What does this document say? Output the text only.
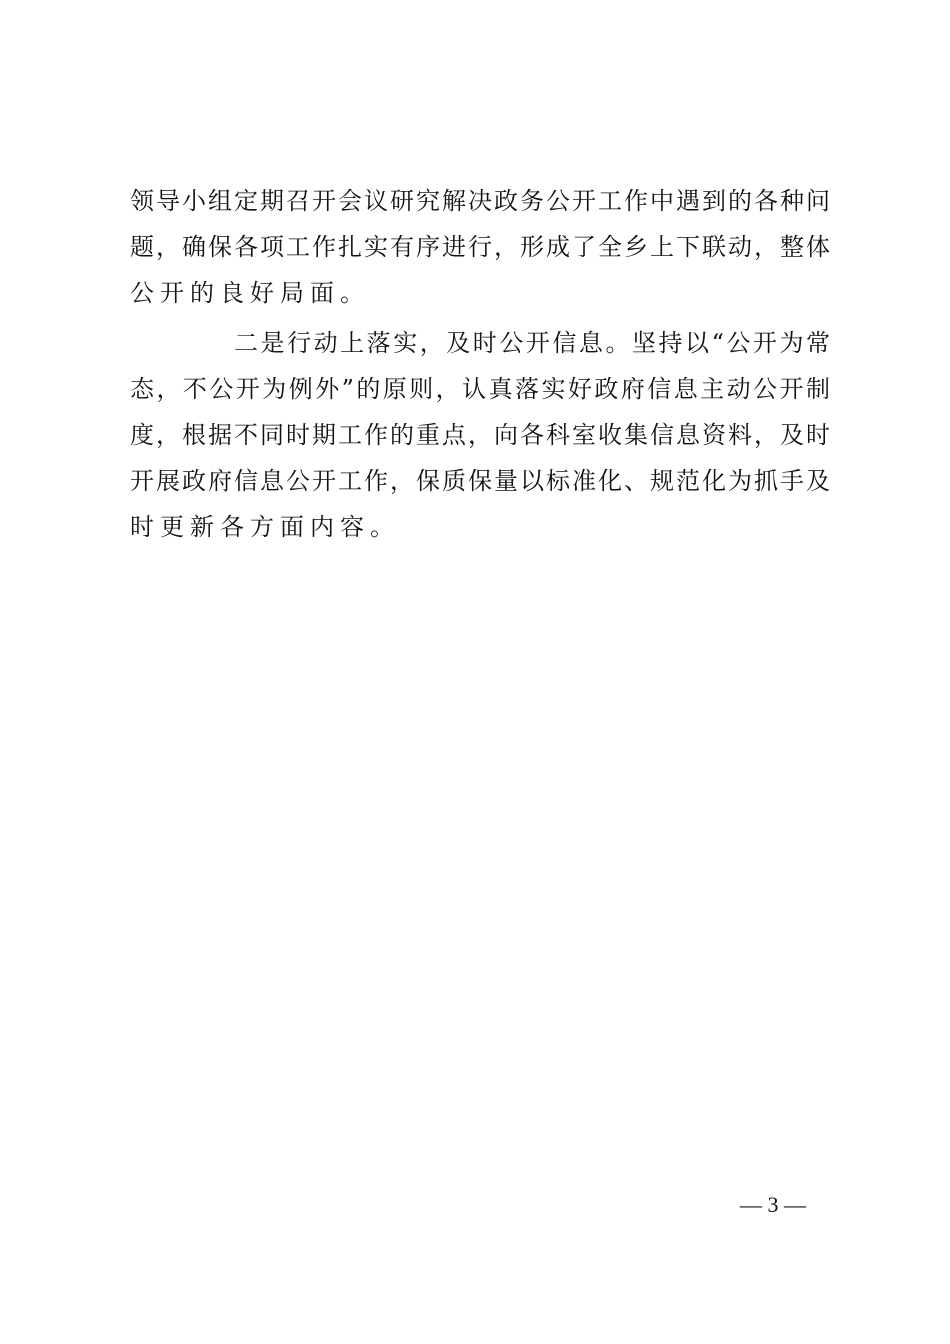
领导小组定期召开会议研究解决政务公开工作中遇到的各种问
题，确保各项工作扎实有序进行，形成了全乡上下联动，整体
公开的良好局面。
二是行动上落实，及时公开信息。坚持以“公开为常
态，不公开为例外”的原则，认真落实好政府信息主动公开制
度，根据不同时期工作的重点，向各科室收集信息资料，及时
开展政府信息公开工作，保质保量以标准化、规范化为抓手及
时更新各方面内容。
— 3 —
